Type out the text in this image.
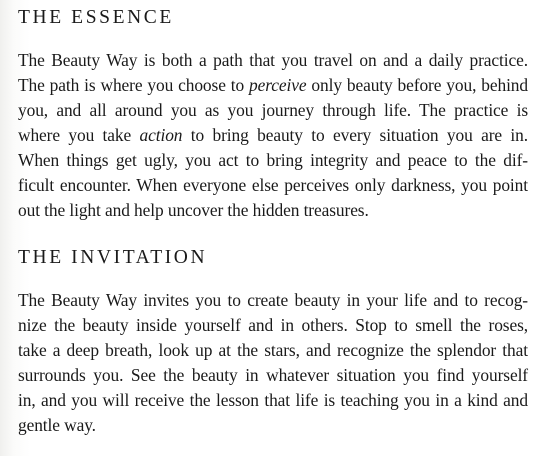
THE ESSENCE
The Beauty Way is both a path that you travel on and a daily practice.
The path is where you choose to perceive only beauty before you, behind
you, and all around you as you journey through life. The practice is
where you take action to bring beauty to every situation you are in.
When things get ugly, you act to bring integrity and peace to the dif-
ficult encounter. When everyone else perceives only darkness, you point
out the light and help uncover the hidden treasures.
THE INVITATION
The Beauty Way invites you to create beauty in your life and to recog-
nize the beauty inside yourself and in others. Stop to smell the roses,
take a deep breath, look up at the stars, and recognize the splendor that
surrounds you. See the beauty in whatever situation you find yourself
in, and you will receive the lesson that life is teaching you in a kind and
gentle way.
